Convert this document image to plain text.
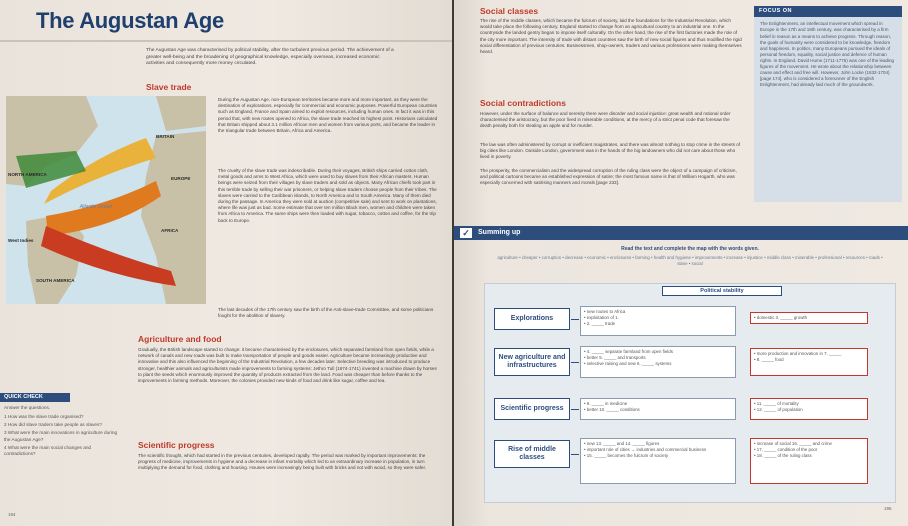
The Augustan Age
The Augustan Age was characterised by political stability, after the turbulent previous period. The achievement of a greater well-being and the broadening of geographical knowledge, especially overseas, increased economic activities and consequently more money circulated.
Slave trade
NORTH AMERICA
SOUTH AMERICA
BRITAIN
EUROPE
AFRICA
West Indies
Atlantic Ocean
During the Augustan Age, non-European territories became more and more important, as they were the destination of explorations, especially for commercial and economic purposes. Powerful European countries such as England, France and Spain aimed to exploit resources, including human ones. In fact it was in this period that, with new routes opened to Africa, the slave trade reached its highest point. Historians calculated that Britain shipped about 3.1 million African men and women from various ports, and became the leader in the triangular trade between Britain, Africa and America.
The cruelty of the slave trade was indescribable. During their voyages, British ships carried cotton cloth, metal goods and arms to West Africa, which were used to buy slaves from their African masters. Human beings were seized from their villages by slave traders and sold as objects. Many African chiefs took part in this terrible trade by selling their war prisoners, or helping slave traders choose people from their tribes. The slaves were carried to the Caribbean islands, to North America and to South America. Many of them died during the passage. In America they were sold at auction (competitive sale) and sent to work on plantations, where life was just as bad. Some estimate that over ten million Black men, women and children were taken from Africa to America. The same ships were then loaded with sugar, tobacco, cotton and coffee, for the trip back to Europe.
The last decades of the 17th century saw the birth of the Anti-slave-trade Committee, and some politicians fought for the abolition of slavery.
Agriculture and food
Gradually, the British landscape started to change: it became characterised by the enclosures, which separated farmland from open fields, while a network of canals and new roads was built to make transportation of people and goods easier. Agriculture became increasingly productive and innovative and this also influenced the beginning of the Industrial Revolution, a few decades later. Selective breeding was introduced to produce stronger, healthier animals and agriculturists made improvements to farming systems: Jethro Tull (1674-1741) invented a machine drawn by horses to plant the seeds which enormously improved the quantity of products extracted from the land. Food was cheaper than before thanks to the improvements in farming methods. Moreover, the colonies provided new kinds of food and drink like sugar, coffee and tea.
Scientific progress
The scientific thought, which had started in the previous centuries, developed rapidly. The period was marked by important improvements: the progress of medicine, improvements in hygiene and a decrease in infant mortality which led to an extraordinary increase in population, in turn multiplying the demand for food, clothing and housing. Houses were increasingly being built with bricks and not with wood, so they were safer.
QUICK CHECK
Answer the questions.
1 How was the slave trade organised?
2 How did slave traders take people as slaves?
3 What were the main innovations in agriculture during the Augustan Age?
4 What were the main social changes and contradictions?
194
Social classes
The rise of the middle classes, which became the fulcrum of society, laid the foundations for the Industrial Revolution, which would take place the following century. England started to change from an agricultural country to an industrial one. In the countryside the landed gentry began to impose itself culturally. On the other hand, the rise of the first factories made the role of the city more important. The intensity of trade with distant countries saw the birth of new social figures and thus modified the rigid social differentiation of previous centuries. Businessmen, shop-owners, traders and various professions were making themselves heard.
Social contradictions
However, under the surface of balance and serenity there were disorder and social injustice: great wealth and rational order characterised the aristocracy, but the poor lived in miserable conditions, at the mercy of a strict penal code that foresaw the death penalty both for stealing an apple and for murder.
The law was often administered by corrupt or inefficient magistrates, and there was almost nothing to stop crime in the streets of big cities like London. Outside London, government was in the hands of the big landowners who did not care about those who lived in poverty.
The prosperity, the commercialism and the widespread corruption of the ruling class were the object of a campaign of criticism, and political cartoons became an established expression of satire; the most famous name is that of William Hogarth, who was especially concerned with satirising manners and morals [page 233].
FOCUS ON
The Enlightenment, an intellectual movement which spread in Europe in the 17th and 18th century, was characterised by a firm belief in reason as a means to achieve progress. Through reason, the goals of humanity were considered to be knowledge, freedom and happiness. In politics, many Europeans pursued the ideals of personal freedom, equality, social justice and defence of human rights. In England, David Hume (1711-1776) was one of the leading figures of the movement. He wrote about the relationship between cause and effect and free will. However, John Locke (1632-1704) [page 174], who is considered a forerunner of the English Enlightenment, had already laid much of the groundwork.
✓	Summing up
Read the text and complete the map with the words given.
agriculture • cheaper • corruption • decrease • economic • enclosures • farming • health and hygiene • improvements • increase • injustice • middle class • miserable • professional • resources • roads • slave • social
Political stability
Explorations
• new routes to Africa
• exploitation of 1.
• 2. _____ trade
• domestic 3. _____ growth
New agriculture and infrastructures
• 4. _____ separate farmland from open fields
• better 5. _____ and transports
• selective raising and new 6. _____ systems
• more production and innovation in 7. _____
• 8. _____ food
Scientific progress
• 9. _____ in medicine
• better 10. _____ conditions
• 11. _____ of mortality
• 12. _____ of population
Rise of middle classes
• new 13. _____ and 14. _____ figures
• important role of cities → industries and commercial business
• 15. _____ becomes the fulcrum of society
• increase of social 16. _____ and crime
• 17. _____ condition of the poor
• 18. _____ of the ruling class
195
